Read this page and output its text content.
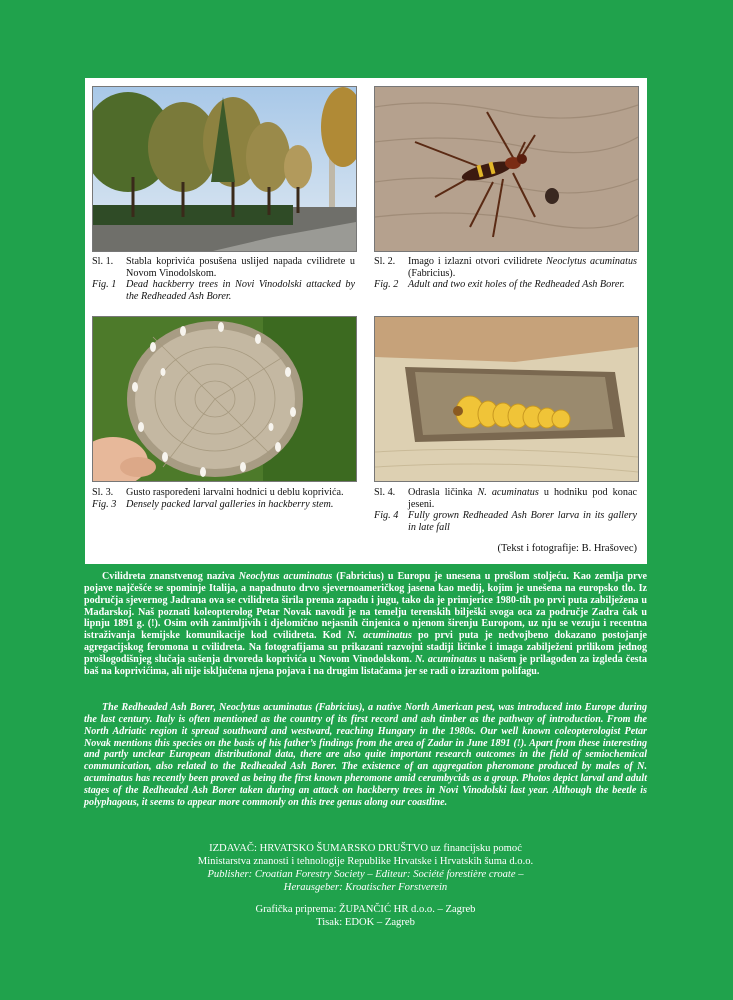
Sl. 1.	Stabla koprivića posušena uslijed napada cvilidrete u Novom Vinodolskom.
Fig. 1 Dead hackberry trees in Novi Vinodolski attacked by the Redheaded Ash Borer.
Sl. 2.	Imago i izlazni otvori cvilidrete Neoclytus acuminatus (Fabricius).
Fig. 2 Adult and two exit holes of the Redheaded Ash Borer.
Sl. 3.	Gusto raspoređeni larvalni hodnici u deblu koprivića.
Fig. 3 Densely packed larval galleries in hackberry stem.
Sl. 4.	Odrasla ličinka N. acuminatus u hodniku pod konac jeseni.
Fig. 4 Fully grown Redheaded Ash Borer larva in its gallery in late fall
(Tekst i fotografije: B. Hrašovec)

Cvilidreta znanstvenog naziva Neoclytus acuminatus (Fabricius) u Europu je unesena u prošlom stoljeću. Kao zemlja prve pojave najčešće se spominje Italija, a napadnuto drvo sjevernoameričkog jasena kao medij, kojim je unešena na europsko tlo. Iz područja sjevernog Jadrana ova se cvilidreta širila prema zapadu i jugu, tako da je primjerice 1980-tih po prvi puta zabilježena u Mađarskoj. Naš poznati koleopterolog Petar Novak navodi je na temelju terenskih bilješki svoga oca za područje Zadra čak u lipnju 1891 g. (!). Osim ovih zanimljivih i djelomično nejasnih činjenica o njenom širenju Europom, uz nju se vezuju i recentna istraživanja kemijske komunikacije kod cvilidreta. Kod N. acuminatus po prvi puta je nedvojbeno dokazano postojanje agregacijskog feromona u cvilidreta. Na fotografijama su prikazani razvojni stadiji ličinke i imaga zabilježeni prilikom jednog prošlogodišnjeg slučaja sušenja drvoreda koprivića u Novom Vinodolskom. N. acuminatus u našem je prilagođen za izgleda česta baš na koprivićima, ali nije isključena njena pojava i na drugim listačama jer se radi o izrazitom polifagu.

The Redheaded Ash Borer, Neoclytus acuminatus (Fabricius), a native North American pest, was introduced into Europe during the last century. Italy is often mentioned as the country of its first record and ash timber as the pathway of introduction. From the North Adriatic region it spread southward and westward, reaching Hungary in the 1980s. Our well known coleopterologist Petar Novak mentions this species on the basis of his father’s findings from the area of Zadar in June 1891 (!). Apart from these interesting and partly unclear European distributional data, there are also quite important research outcomes in the field of semiochemical communication, also related to the Redheaded Ash Borer. The existence of an aggregation pheromone produced by males of N. acuminatus has recently been proved as being the first known pheromone amid cerambycids as a group. Photos depict larval and adult stages of the Redheaded Ash Borer taken during an attack on hackberry trees in Novi Vinodolski last year. Although the beetle is polyphagous, it seems to appear more commonly on this tree genus along our coastline.

IZDAVAČ: HRVATSKO ŠUMARSKO DRUŠTVO uz financijsku pomoć
Ministarstva znanosti i tehnologije Republike Hrvatske i Hrvatskih šuma d.o.o.
Publisher: Croatian Forestry Society – Editeur: Société forestière croate –
Herausgeber: Kroatischer Forstverein
Grafička priprema: ŽUPANČIĆ HR d.o.o. – Zagreb
Tisak: EDOK – Zagreb
